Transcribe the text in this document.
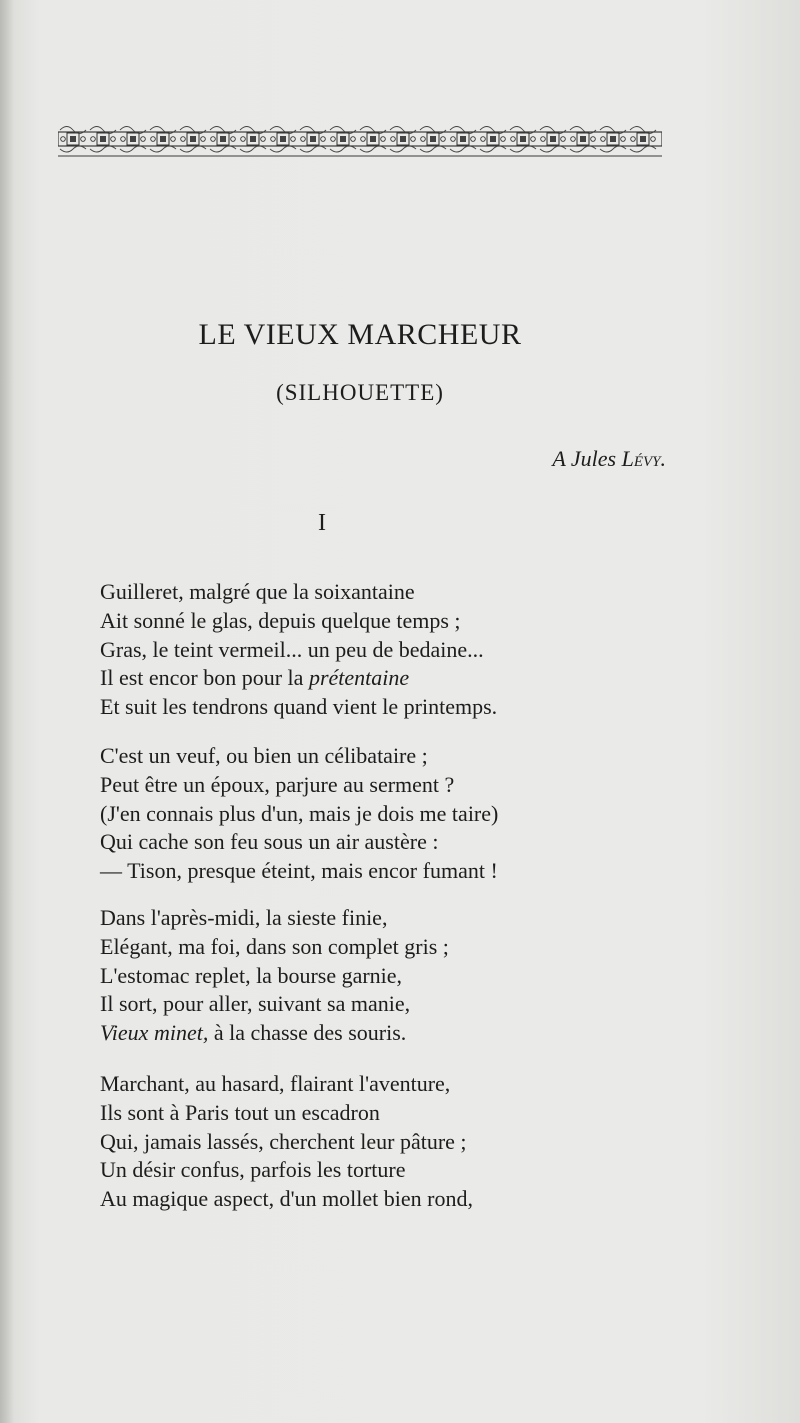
LE VIEUX MARCHEUR
(SILHOUETTE)
A Jules Lévy.
I
Guilleret, malgré que la soixantaine
Ait sonné le glas, depuis quelque temps ;
Gras, le teint vermeil... un peu de bedaine...
Il est encor bon pour la prétentaine
Et suit les tendrons quand vient le printemps.
C'est un veuf, ou bien un célibataire ;
Peut être un époux, parjure au serment ?
(J'en connais plus d'un, mais je dois me taire)
Qui cache son feu sous un air austère :
— Tison, presque éteint, mais encor fumant !
Dans l'après-midi, la sieste finie,
Elégant, ma foi, dans son complet gris ;
L'estomac replet, la bourse garnie,
Il sort, pour aller, suivant sa manie,
Vieux minet, à la chasse des souris.
Marchant, au hasard, flairant l'aventure,
Ils sont à Paris tout un escadron
Qui, jamais lassés, cherchent leur pâture ;
Un désir confus, parfois les torture
Au magique aspect, d'un mollet bien rond,
